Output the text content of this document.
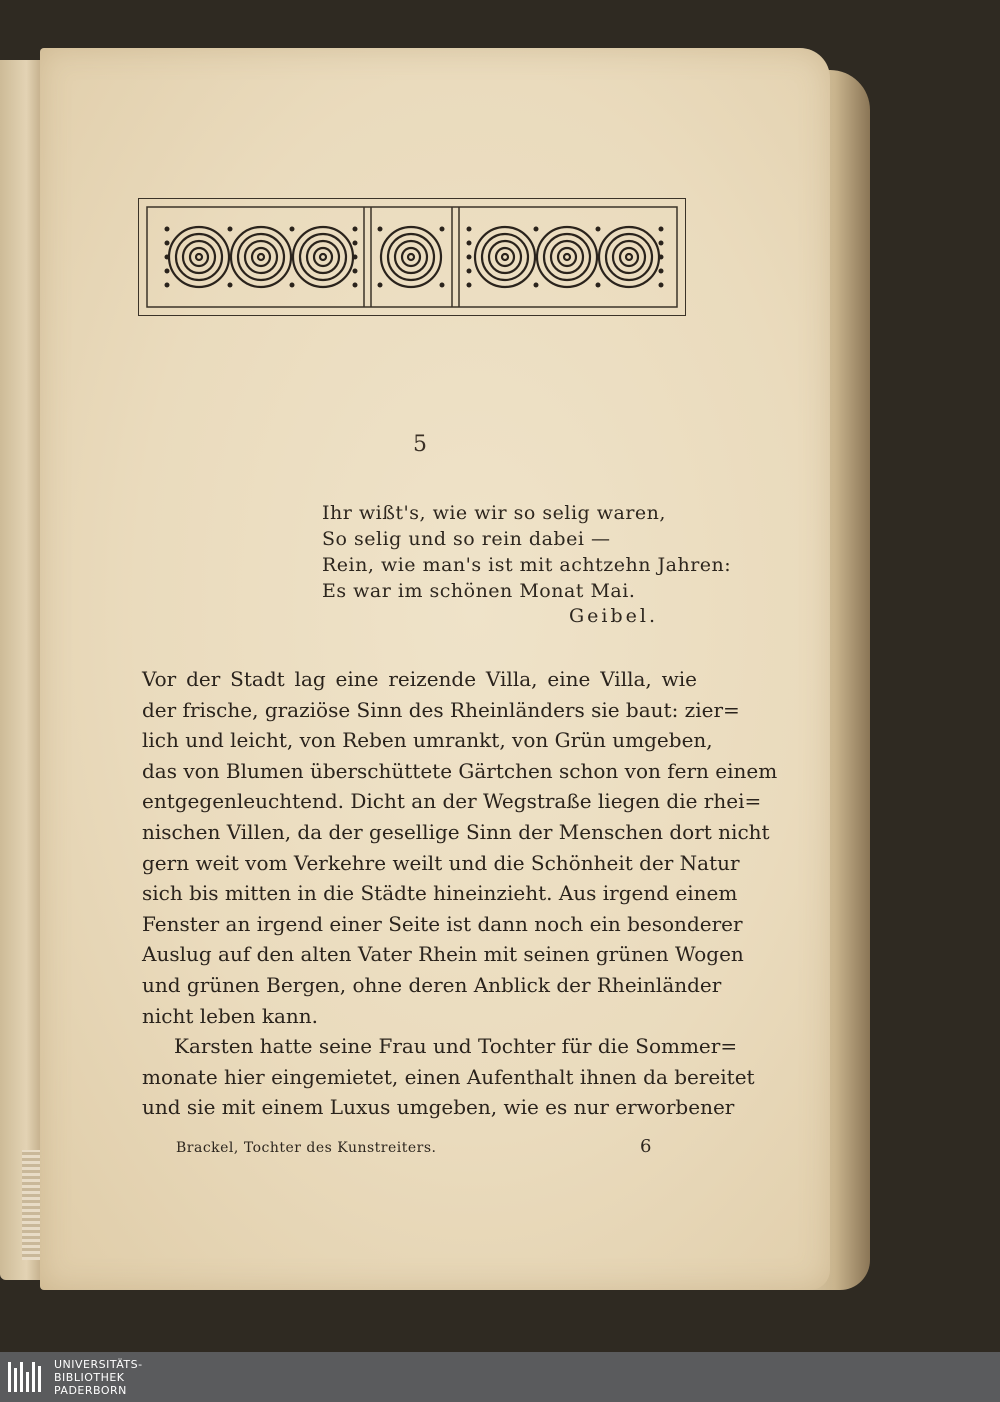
5
Ihr wißt's, wie wir so selig waren,
So selig und so rein dabei —
Rein, wie man's ist mit achtzehn Jahren:
Es war im schönen Monat Mai.
Geibel.
Vor der Stadt lag eine reizende Villa, eine Villa, wie
der frische, graziöse Sinn des Rheinländers sie baut: zier=
lich und leicht, von Reben umrankt, von Grün umgeben,
das von Blumen überschüttete Gärtchen schon von fern einem
entgegenleuchtend. Dicht an der Wegstraße liegen die rhei=
nischen Villen, da der gesellige Sinn der Menschen dort nicht
gern weit vom Verkehre weilt und die Schönheit der Natur
sich bis mitten in die Städte hineinzieht. Aus irgend einem
Fenster an irgend einer Seite ist dann noch ein besonderer
Auslug auf den alten Vater Rhein mit seinen grünen Wogen
und grünen Bergen, ohne deren Anblick der Rheinländer
nicht leben kann.
Karsten hatte seine Frau und Tochter für die Sommer=
monate hier eingemietet, einen Aufenthalt ihnen da bereitet
und sie mit einem Luxus umgeben, wie es nur erworbener
Brackel, Tochter des Kunstreiters.	6
UNIVERSITÄTS-
BIBLIOTHEK
PADERBORN
